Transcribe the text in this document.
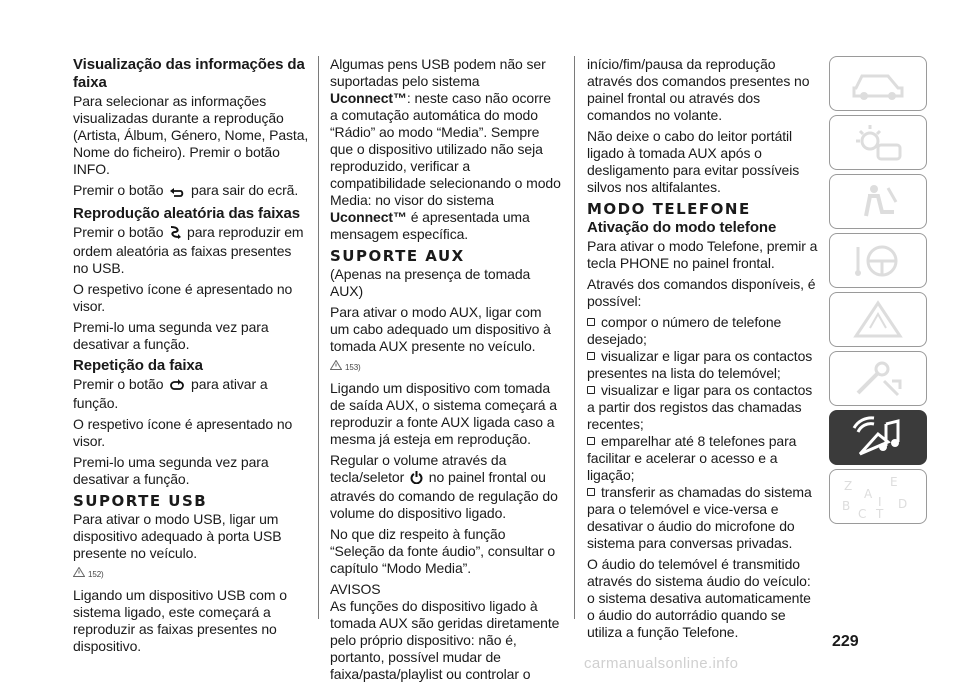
Visualização das informações da faixa

Para selecionar as informações visualizadas durante a reprodução (Artista, Álbum, Género, Nome, Pasta, Nome do ficheiro). Premir o botão INFO.

Premir o botão para sair do ecrã.

Reprodução aleatória das faixas

Premir o botão para reproduzir em ordem aleatória as faixas presentes no USB.

O respetivo ícone é apresentado no visor.

Premi-lo uma segunda vez para desativar a função.

Repetição da faixa

Premir o botão para ativar a função.

O respetivo ícone é apresentado no visor.

Premi-lo uma segunda vez para desativar a função.

SUPORTE USB

Para ativar o modo USB, ligar um dispositivo adequado à porta USB presente no veículo.

152)

Ligando um dispositivo USB com o sistema ligado, este começará a reproduzir as faixas presentes no dispositivo.

Algumas pens USB podem não ser suportadas pelo sistema Uconnect™: neste caso não ocorre a comutação automática do modo “Rádio” ao modo “Media”. Sempre que o dispositivo utilizado não seja reproduzido, verificar a compatibilidade selecionando o modo Media: no visor do sistema Uconnect™ é apresentada uma mensagem específica.

SUPORTE AUX

(Apenas na presença de tomada AUX)

Para ativar o modo AUX, ligar com um cabo adequado um dispositivo à tomada AUX presente no veículo.

153)

Ligando um dispositivo com tomada de saída AUX, o sistema começará a reproduzir a fonte AUX ligada caso a mesma já esteja em reprodução.

Regular o volume através da tecla/seletor no painel frontal ou através do comando de regulação do volume do dispositivo ligado.

No que diz respeito à função “Seleção da fonte áudio”, consultar o capítulo “Modo Media”.

AVISOS

As funções do dispositivo ligado à tomada AUX são geridas diretamente pelo próprio dispositivo: não é, portanto, possível mudar de faixa/pasta/playlist ou controlar o

início/fim/pausa da reprodução através dos comandos presentes no painel frontal ou através dos comandos no volante.

Não deixe o cabo do leitor portátil ligado à tomada AUX após o desligamento para evitar possíveis silvos nos altifalantes.

MODO TELEFONE
Ativação do modo telefone

Para ativar o modo Telefone, premir a tecla PHONE no painel frontal.

Através dos comandos disponíveis, é possível:

compor o número de telefone desejado;

visualizar e ligar para os contactos presentes na lista do telemóvel;

visualizar e ligar para os contactos a partir dos registos das chamadas recentes;

emparelhar até 8 telefones para facilitar e acelerar o acesso e a ligação;

transferir as chamadas do sistema para o telemóvel e vice-versa e desativar o áudio do microfone do sistema para conversas privadas.

O áudio do telemóvel é transmitido através do sistema áudio do veículo: o sistema desativa automaticamente o áudio do autorrádio quando se utiliza a função Telefone.

Z	E
A
B
C
D
I
T
229
carmanualsonline.info
